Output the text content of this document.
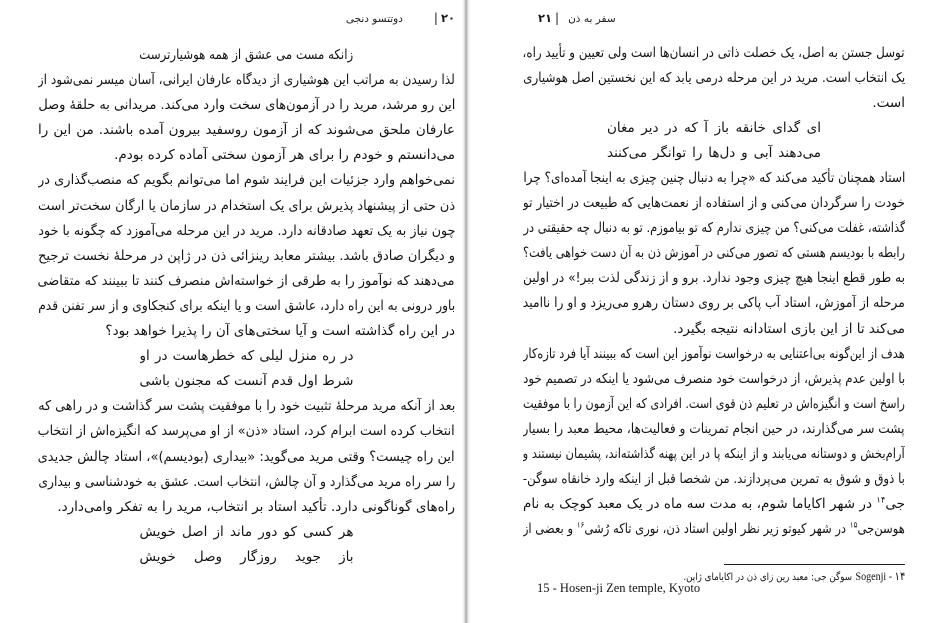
۲۰|دوتتسو دنجی
زانکه مست می عشق از همه هوشیارترست
لذا رسیدن به مراتب این هوشیاری از دیدگاه عارفان ایرانی، آسان میسر نمی‌شود از
این رو مرشد، مرید را در آزمون‌های سخت وارد می‌کند. مریدانی به حلقهٔ وصل
عارفان ملحق می‌شوند که از آزمون روسفید بیرون آمده باشند. من این را
می‌دانستم و خودم را برای هر آزمون سختی آماده کرده بودم.
نمی‌خواهم وارد جزئیات این فرایند شوم اما می‌توانم بگویم که منصب‌گذاری در
ذن حتی از پیشنهاد پذیرش برای یک استخدام در سازمان یا ارگان سخت‌تر است
چون نیاز به یک تعهد صادقانه دارد. مرید در این مرحله می‌آموزد که چگونه با خود
و دیگران صادق باشد. بیشتر معابد رینزائی ذن در ژاپن در مرحلهٔ نخست ترجیح
می‌دهند که نوآموز را به طرقی از خواسته‌اش منصرف کنند تا ببینند که متقاضی
باور درونی به این راه دارد، عاشق است و یا اینکه برای کنجکاوی و از سر تفنن قدم
در این راه گذاشته است و آیا سختی‌های آن را پذیرا خواهد بود؟
در ره منزل لیلی که خطرهاست در او
شرط اول قدم آنست که مجنون باشی
بعد از آنکه مرید مرحلهٔ تثبیت خود را با موفقیت پشت سر گذاشت و در راهی که
انتخاب کرده است ابرام کرد، استاد «ذن» از او می‌پرسد که انگیزه‌اش از انتخاب
این راه چیست؟ وقتی مرید می‌گوید: «بیداری (بودیسم)»، استاد چالش جدیدی
را سر راه مرید می‌گذارد و آن چالش، انتخاب است. عشق به خودشناسی و بیداری
راه‌های گوناگونی دارد. تأکید استاد بر انتخاب، مرید را به تفکر وامی‌دارد.
هر کسی کو دور ماند از اصل خویش
باز جوید روزگار وصل خویش
سفر به ذن|۲۱
توسل جستن به اصل، یک خصلت ذاتی در انسان‌ها است ولی تعیین و تأیید راه،
یک انتخاب است. مرید در این مرحله درمی یابد که این نخستین اصل هوشیاری
است.
ای گدای خانقه باز آ که در دیر مغان
می‌دهند آبی و دل‌ها را توانگر می‌کنند
استاد همچنان تأکید می‌کند که «چرا به دنبال چنین چیزی به اینجا آمده‌ای؟ چرا
خودت را سرگردان می‌کنی و از استفاده از نعمت‌هایی که طبیعت در اختیار تو
گذاشته، غفلت می‌کنی؟ من چیزی ندارم که تو بیاموزم. تو به دنبال چه حقیقتی در
رابطه با بودیسم هستی که تصور می‌کنی در آموزش ذن به آن دست خواهی یافت؟
به طور قطع اینجا هیچ چیزی وجود ندارد. برو و از زندگی لذت ببر!» در اولین
مرحله از آموزش، استاد آب پاکی بر روی دستان رهرو می‌ریزد و او را ناامید
می‌کند تا از این بازی استادانه نتیجه بگیرد.
هدف از این‌گونه بی‌اعتنایی به درخواست نوآموز این است که ببینند آیا فرد تازه‌کار
با اولین عدم پذیرش، از درخواست خود منصرف می‌شود یا اینکه در تصمیم خود
راسخ است و انگیزه‌اش در تعلیم ذن قوی است. افرادی که این آزمون را با موفقیت
پشت سر می‌گذارند، در حین انجام تمرینات و فعالیت‌ها، محیط معبد را بسیار
آرام‌بخش و دوستانه می‌یابند و از اینکه پا در این پهنه گذاشته‌اند، پشیمان نیستند و
با ذوق و شوق به تمرین می‌پردازند. من شخصا قبل از اینکه وارد خانقاه سوگن-
جی$^{۱۴}$ در شهر اکایاما شوم، به مدت سه ماه در یک معبد کوچک به نام
هوسن‌جی$^{۱۵}$ در شهر کیوتو زیر نظر اولین استاد ذن، نوری تاکه رُشی$^{۱۶}$ و بعضی از
۱۴ - Sogenjiسوگن جی: معبد رین زای ذن در اکایامای ژاپن.
15 - Hosen-ji Zen temple, Kyoto
